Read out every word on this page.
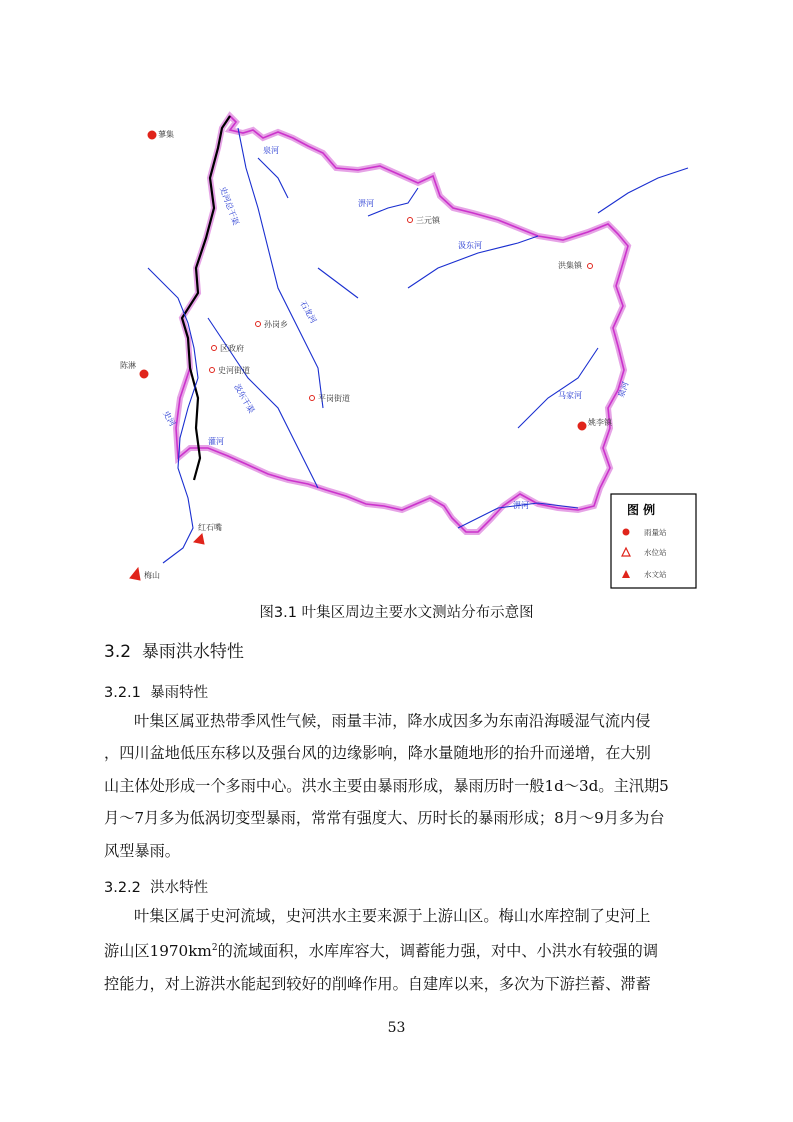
蓼集
三元镇
洪集镇
孙岗乡
区政府
史河街道
平岗街道
姚李镇
陈淋
红石嘴
梅山
泉河
史河总干渠	淠河
汲东河
石龙河
汲东干渠	马家河
史河
灌河
淠河
泉河
图 例
雨量站
水位站
水文站
图3.1 叶集区周边主要水文测站分布示意图
3.2 暴雨洪水特性
3.2.1 暴雨特性
叶集区属亚热带季风性气候，雨量丰沛，降水成因多为东南沿海暖湿气流内侵
，四川盆地低压东移以及强台风的边缘影响，降水量随地形的抬升而递增，在大别
山主体处形成一个多雨中心。洪水主要由暴雨形成，暴雨历时一般1d～3d。主汛期5
月～7月多为低涡切变型暴雨，常常有强度大、历时长的暴雨形成；8月～9月多为台
风型暴雨。
3.2.2 洪水特性
叶集区属于史河流域，史河洪水主要来源于上游山区。梅山水库控制了史河上
游山区$1970km^2$的流域面积，水库库容大，调蓄能力强，对中、小洪水有较强的调
控能力，对上游洪水能起到较好的削峰作用。自建库以来，多次为下游拦蓄、滞蓄
53
